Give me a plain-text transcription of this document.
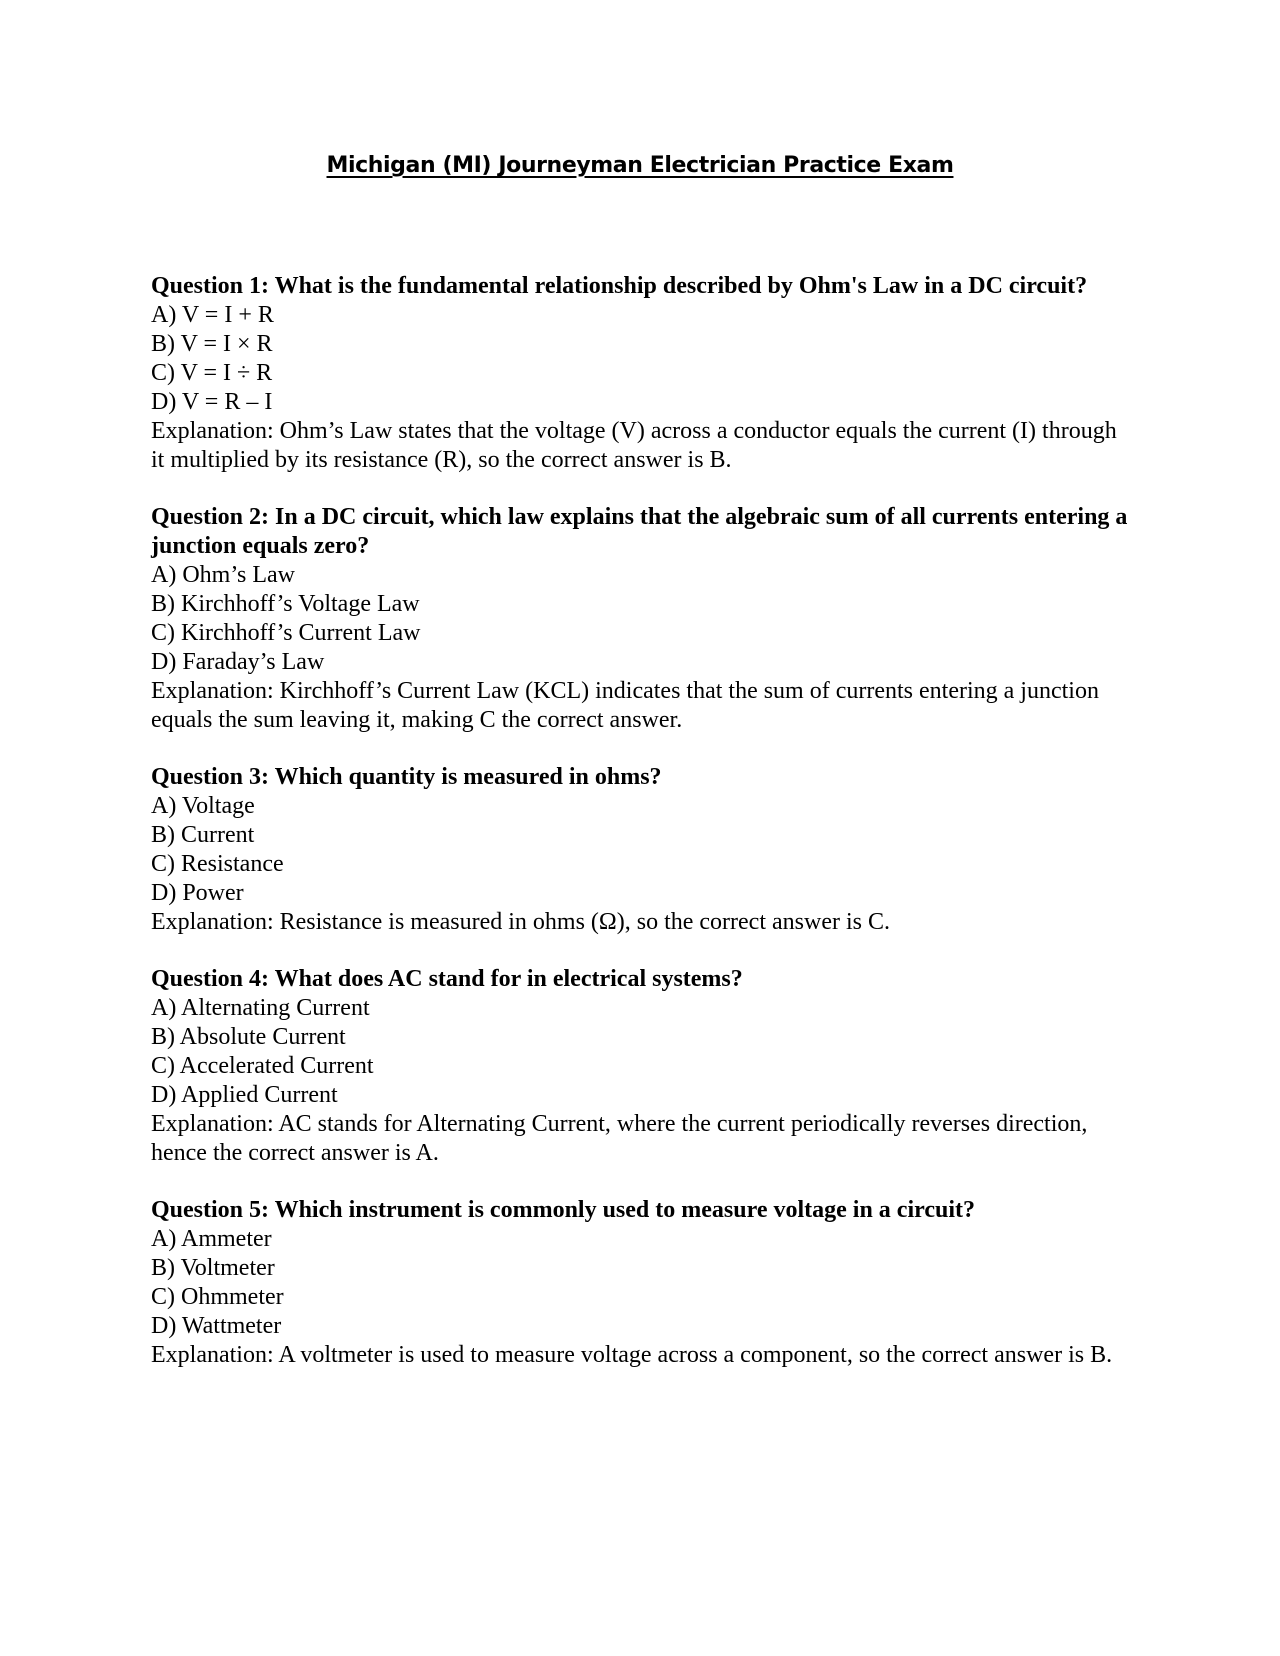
Michigan (MI) Journeyman Electrician Practice Exam

Question 1: What is the fundamental relationship described by Ohm's Law in a DC circuit?

A) V = I + R

B) V = I × R

C) V = I ÷ R

D) V = R – I

Explanation: Ohm’s Law states that the voltage (V) across a conductor equals the current (I) through it multiplied by its resistance (R), so the correct answer is B.

Question 2: In a DC circuit, which law explains that the algebraic sum of all currents entering a junction equals zero?

A) Ohm’s Law

B) Kirchhoff’s Voltage Law

C) Kirchhoff’s Current Law

D) Faraday’s Law

Explanation: Kirchhoff’s Current Law (KCL) indicates that the sum of currents entering a junction equals the sum leaving it, making C the correct answer.

Question 3: Which quantity is measured in ohms?

A) Voltage

B) Current

C) Resistance

D) Power

Explanation: Resistance is measured in ohms (Ω), so the correct answer is C.

Question 4: What does AC stand for in electrical systems?

A) Alternating Current

B) Absolute Current

C) Accelerated Current

D) Applied Current

Explanation: AC stands for Alternating Current, where the current periodically reverses direction, hence the correct answer is A.

Question 5: Which instrument is commonly used to measure voltage in a circuit?

A) Ammeter

B) Voltmeter

C) Ohmmeter

D) Wattmeter

Explanation: A voltmeter is used to measure voltage across a component, so the correct answer is B.
